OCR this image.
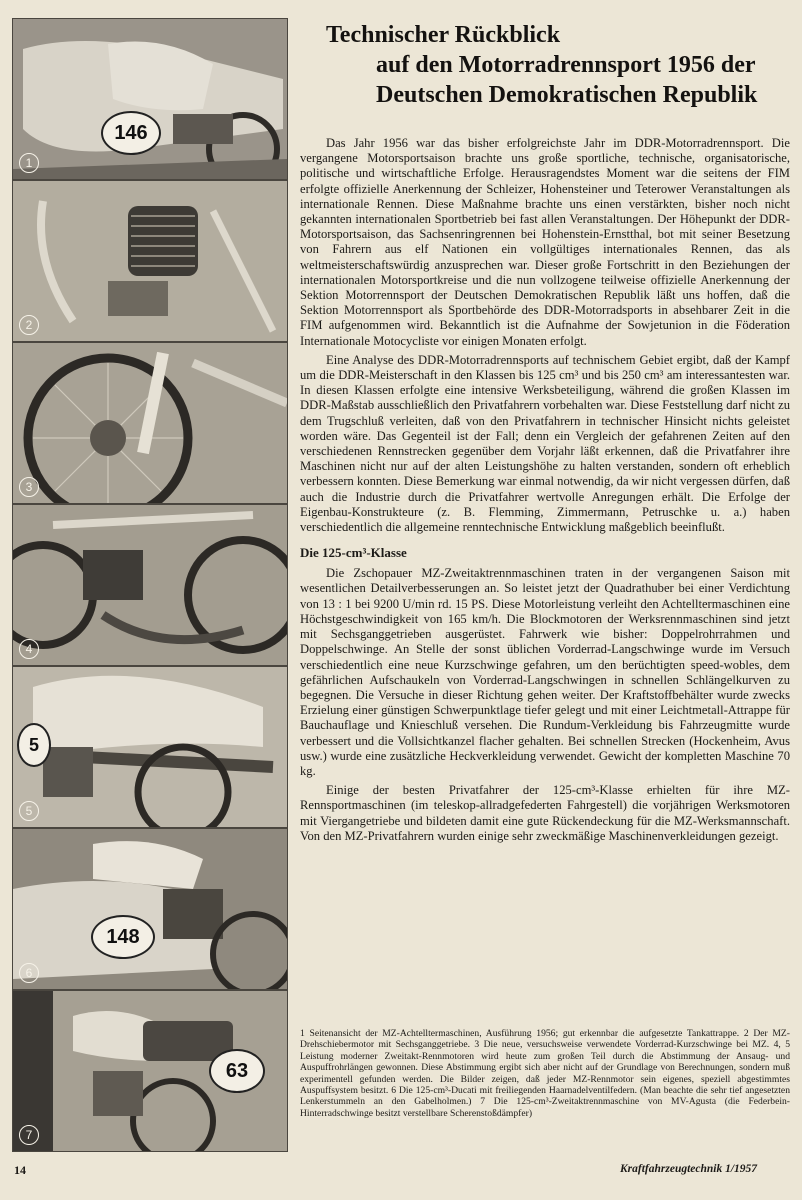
146
1
2
3
4
5
5
148
6
63
7
Technischer Rückblick
auf den Motorradrennsport 1956 der
Deutschen Demokratischen Republik

Das Jahr 1956 war das bisher erfolgreichste Jahr im DDR-Motorradrennsport. Die vergangene Motorsportsaison brachte uns große sportliche, technische, organisatorische, politische und wirtschaftliche Erfolge. Herausragendstes Moment war die seitens der FIM erfolgte offizielle Anerkennung der Schleizer, Hohensteiner und Teterower Veranstaltungen als internationale Rennen. Diese Maßnahme brachte uns einen verstärkten, bisher noch nicht gekannten internationalen Sportbetrieb bei fast allen Veranstaltungen. Der Höhepunkt der DDR-Motorsportsaison, das Sachsenringrennen bei Hohenstein-Ernstthal, bot mit seiner Besetzung von Fahrern aus elf Nationen ein vollgültiges internationales Rennen, das als weltmeisterschaftswürdig anzusprechen war. Dieser große Fortschritt in den Beziehungen der internationalen Motorsportkreise und die nun vollzogene teilweise offizielle Anerkennung der Sektion Motorrennsport der Deutschen Demokratischen Republik läßt uns hoffen, daß die Sektion Motorrennsport als Sportbehörde des DDR-Motorradsports in absehbarer Zeit in die FIM aufgenommen wird. Bekanntlich ist die Aufnahme der Sowjetunion in die Föderation Internationale Motocycliste vor einigen Monaten erfolgt.

Eine Analyse des DDR-Motorradrennsports auf technischem Gebiet ergibt, daß der Kampf um die DDR-Meisterschaft in den Klassen bis 125 cm³ und bis 250 cm³ am interessantesten war. In diesen Klassen erfolgte eine intensive Werksbeteiligung, während die großen Klassen im DDR-Maßstab ausschließlich den Privatfahrern vorbehalten war. Diese Feststellung darf nicht zu dem Trugschluß verleiten, daß von den Privatfahrern in technischer Hinsicht nichts geleistet worden wäre. Das Gegenteil ist der Fall; denn ein Vergleich der gefahrenen Zeiten auf den verschiedenen Rennstrecken gegenüber dem Vorjahr läßt erkennen, daß die Privatfahrer ihre Maschinen nicht nur auf der alten Leistungshöhe zu halten verstanden, sondern oft erheblich verbessern konnten. Diese Bemerkung war einmal notwendig, da wir nicht vergessen dürfen, daß auch die Industrie durch die Privatfahrer wertvolle Anregungen erhält. Die Erfolge der Eigenbau-Konstrukteure (z. B. Flemming, Zimmermann, Petruschke u. a.) haben verschiedentlich die allgemeine renntechnische Entwicklung maßgeblich beeinflußt.

Die 125-cm³-Klasse

Die Zschopauer MZ-Zweitaktrennmaschinen traten in der vergangenen Saison mit wesentlichen Detailverbesserungen an. So leistet jetzt der Quadrathuber bei einer Verdichtung von 13 : 1 bei 9200 U/min rd. 15 PS. Diese Motorleistung verleiht den Achtelltermaschinen eine Höchstgeschwindigkeit von 165 km/h. Die Blockmotoren der Werksrennmaschinen sind jetzt mit Sechsganggetrieben ausgerüstet. Fahrwerk wie bisher: Doppelrohrrahmen und Doppelschwinge. An Stelle der sonst üblichen Vorderrad-Langschwinge wurde im Versuch verschiedentlich eine neue Kurzschwinge gefahren, um den berüchtigten speed-wobles, dem gefährlichen Aufschaukeln von Vorderrad-Langschwingen in schnellen Schlängelkurven zu begegnen. Die Versuche in dieser Richtung gehen weiter. Der Kraftstoffbehälter wurde zwecks Erzielung einer günstigen Schwerpunktlage tiefer gelegt und mit einer Leichtmetall-Attrappe für Bauchauflage und Knieschluß versehen. Die Rundum-Verkleidung bis Fahrzeugmitte wurde verbessert und die Vollsichtkanzel flacher gehalten. Bei schnellen Strecken (Hockenheim, Avus usw.) wurde eine zusätzliche Heckverkleidung verwendet. Gewicht der kompletten Maschine 70 kg.

Einige der besten Privatfahrer der 125-cm³-Klasse erhielten für ihre MZ-Rennsportmaschinen (im teleskop-allradgefederten Fahrgestell) die vorjährigen Werksmotoren mit Viergangetriebe und bildeten damit eine gute Rückendeckung für die MZ-Werksmannschaft. Von den MZ-Privatfahrern wurden einige sehr zweckmäßige Maschinenverkleidungen gezeigt.

1 Seitenansicht der MZ-Achtelltermaschinen, Ausführung 1956; gut erkennbar die aufgesetzte Tankattrappe. 2 Der MZ-Drehschiebermotor mit Sechsganggetriebe. 3 Die neue, versuchsweise verwendete Vorderrad-Kurzschwinge bei MZ. 4, 5 Leistung moderner Zweitakt-Rennmotoren wird heute zum großen Teil durch die Abstimmung der Ansaug- und Auspuffrohrlängen gewonnen. Diese Abstimmung ergibt sich aber nicht auf der Grundlage von Berechnungen, sondern muß experimentell gefunden werden. Die Bilder zeigen, daß jeder MZ-Rennmotor sein eigenes, speziell abgestimmtes Auspuffsystem besitzt. 6 Die 125-cm³-Ducati mit freiliegenden Haarnadelventilfedern. (Man beachte die sehr tief angesetzten Lenkerstummeln an den Gabelholmen.) 7 Die 125-cm³-Zweitaktrennmaschine von MV-Agusta (die Federbein-Hinterradschwinge besitzt verstellbare Scherenstoßdämpfer)
14	Kraftfahrzeugtechnik 1/1957
